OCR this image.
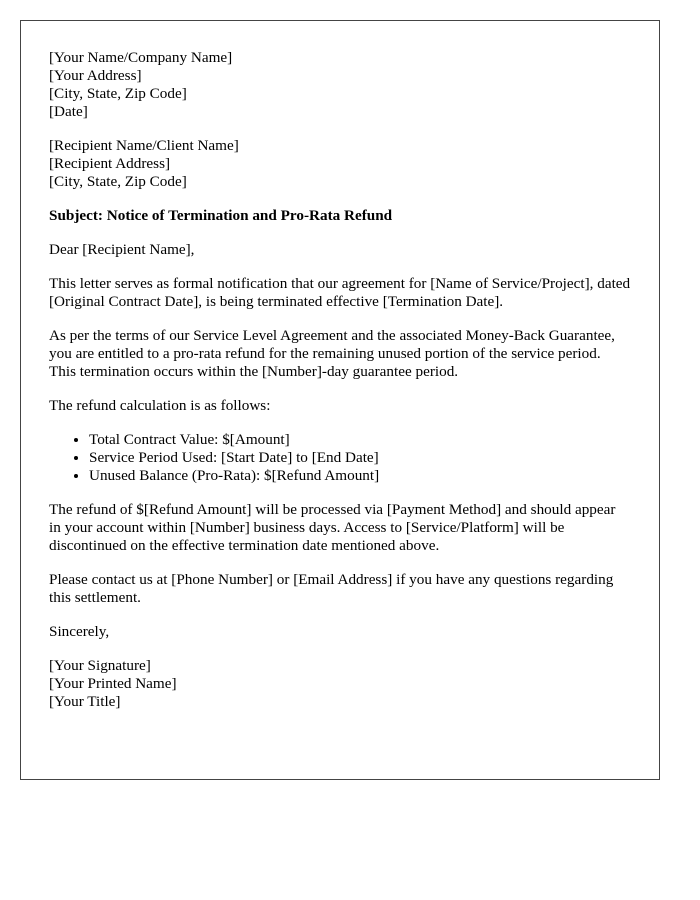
[Your Name/Company Name]
[Your Address]
[City, State, Zip Code]
[Date]
[Recipient Name/Client Name]
[Recipient Address]
[City, State, Zip Code]
Subject: Notice of Termination and Pro-Rata Refund

Dear [Recipient Name],

This letter serves as formal notification that our agreement for [Name of Service/Project], dated [Original Contract Date], is being terminated effective [Termination Date].

As per the terms of our Service Level Agreement and the associated Money-Back Guarantee, you are entitled to a pro-rata refund for the remaining unused portion of the service period. This termination occurs within the [Number]-day guarantee period.

The refund calculation is as follows:

• Total Contract Value: $[Amount]
• Service Period Used: [Start Date] to [End Date]
• Unused Balance (Pro-Rata): $[Refund Amount]

The refund of $[Refund Amount] will be processed via [Payment Method] and should appear in your account within [Number] business days. Access to [Service/Platform] will be discontinued on the effective termination date mentioned above.

Please contact us at [Phone Number] or [Email Address] if you have any questions regarding this settlement.

Sincerely,

[Your Signature]
[Your Printed Name]
[Your Title]
